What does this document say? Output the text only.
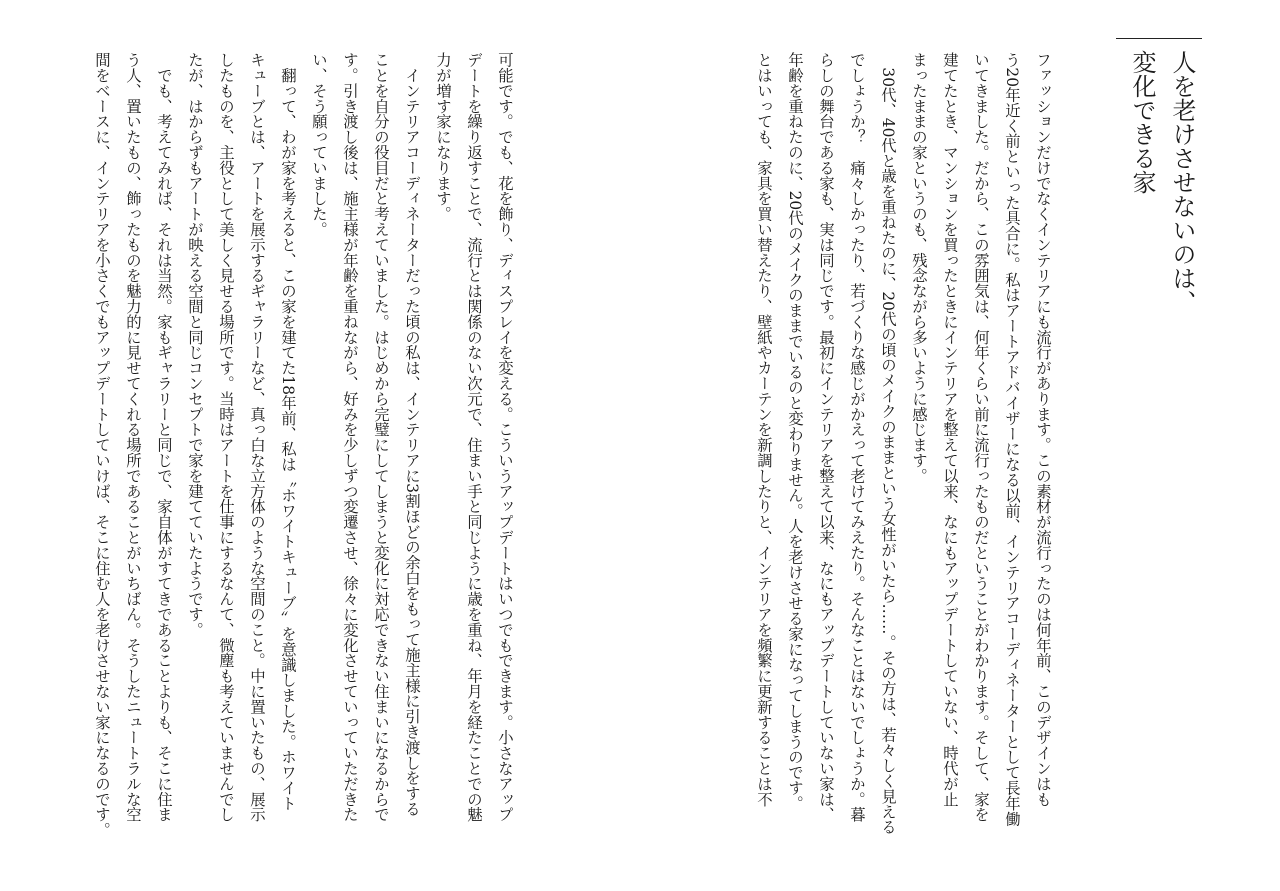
人を老けさせないのは、
変化できる家
ファッションだけでなくインテリアにも流行があります。この素材が流行ったのは何年前、このデザインはも
う20年近く前といった具合に。私はアートアドバイザーになる以前、インテリアコーディネーターとして長年働
いてきました。だから、この雰囲気は、何年くらい前に流行ったものだということがわかります。そして、家を
建てたとき、マンションを買ったときにインテリアを整えて以来、なにもアップデートしていない、時代が止
まったままの家というのも、残念ながら多いように感じます。
　30代、40代と歳を重ねたのに、20代の頃のメイクのままという女性がいたら……。その方は、若々しく見える
でしょうか？　痛々しかったり、若づくりな感じがかえって老けてみえたり。そんなことはないでしょうか。暮
らしの舞台である家も、実は同じです。最初にインテリアを整えて以来、なにもアップデートしていない家は、
年齢を重ねたのに、20代のメイクのままでいるのと変わりません。人を老けさせる家になってしまうのです。
とはいっても、家具を買い替えたり、壁紙やカーテンを新調したりと、インテリアを頻繁に更新することは不
可能です。でも、花を飾り、ディスプレイを変える。こういうアップデートはいつでもできます。小さなアップ
デートを繰り返すことで、流行とは関係のない次元で、住まい手と同じように歳を重ね、年月を経たことでの魅
力が増す家になります。
　インテリアコーディネーターだった頃の私は、インテリアに3割ほどの余白をもって施主様に引き渡しをする
ことを自分の役目だと考えていました。はじめから完璧にしてしまうと変化に対応できない住まいになるからで
す。引き渡し後は、施主様が年齢を重ねながら、好みを少しずつ変遷させ、徐々に変化させていっていただきた
い、そう願っていました。
　翻って、わが家を考えると、この家を建てた18年前、私は〝ホワイトキューブ〟を意識しました。ホワイト
キューブとは、アートを展示するギャラリーなど、真っ白な立方体のような空間のこと。中に置いたもの、展示
したものを、主役として美しく見せる場所です。当時はアートを仕事にするなんて、微塵も考えていませんでし
たが、はからずもアートが映える空間と同じコンセプトで家を建てていたようです。
　でも、考えてみれば、それは当然。家もギャラリーと同じで、家自体がすてきであることよりも、そこに住ま
う人、置いたもの、飾ったものを魅力的に見せてくれる場所であることがいちばん。そうしたニュートラルな空
間をベースに、インテリアを小さくでもアップデートしていけば、そこに住む人を老けさせない家になるのです。
